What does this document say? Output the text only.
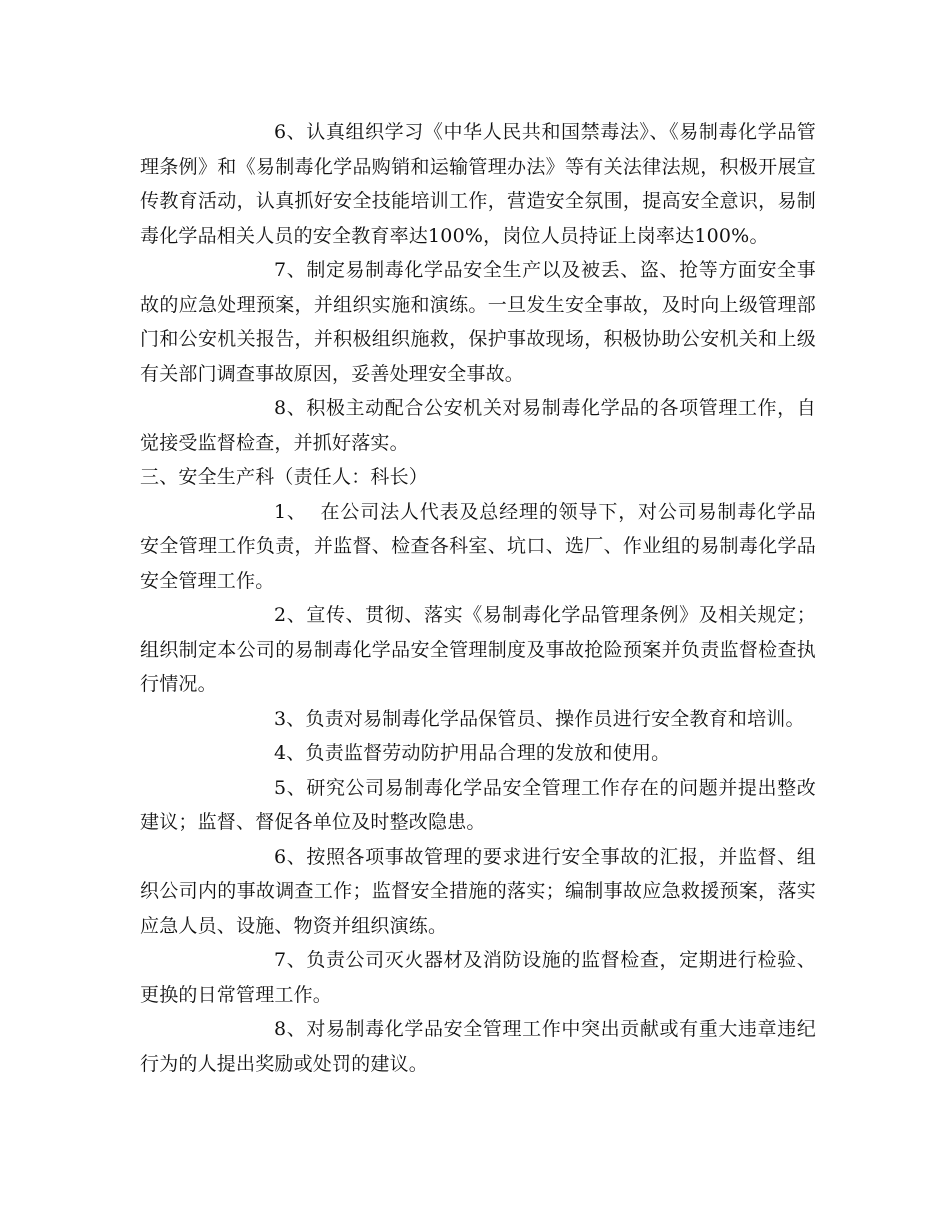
6、认真组织学习《中华人民共和国禁毒法》、《易制毒化学品管理条例》和《易制毒化学品购销和运输管理办法》等有关法律法规，积极开展宣传教育活动，认真抓好安全技能培训工作，营造安全氛围，提高安全意识，易制毒化学品相关人员的安全教育率达100%，岗位人员持证上岗率达100%。

7、制定易制毒化学品安全生产以及被丢、盗、抢等方面安全事故的应急处理预案，并组织实施和演练。一旦发生安全事故，及时向上级管理部门和公安机关报告，并积极组织施救，保护事故现场，积极协助公安机关和上级有关部门调查事故原因，妥善处理安全事故。

8、积极主动配合公安机关对易制毒化学品的各项管理工作，自觉接受监督检查，并抓好落实。

三、安全生产科（责任人：科长）

1、  在公司法人代表及总经理的领导下，对公司易制毒化学品安全管理工作负责，并监督、检查各科室、坑口、选厂、作业组的易制毒化学品安全管理工作。

2、宣传、贯彻、落实《易制毒化学品管理条例》及相关规定；组织制定本公司的易制毒化学品安全管理制度及事故抢险预案并负责监督检查执行情况。

3、负责对易制毒化学品保管员、操作员进行安全教育和培训。

4、负责监督劳动防护用品合理的发放和使用。

5、研究公司易制毒化学品安全管理工作存在的问题并提出整改建议；监督、督促各单位及时整改隐患。

6、按照各项事故管理的要求进行安全事故的汇报，并监督、组织公司内的事故调查工作；监督安全措施的落实；编制事故应急救援预案，落实应急人员、设施、物资并组织演练。

7、负责公司灭火器材及消防设施的监督检查，定期进行检验、更换的日常管理工作。

8、对易制毒化学品安全管理工作中突出贡献或有重大违章违纪行为的人提出奖励或处罚的建议。
